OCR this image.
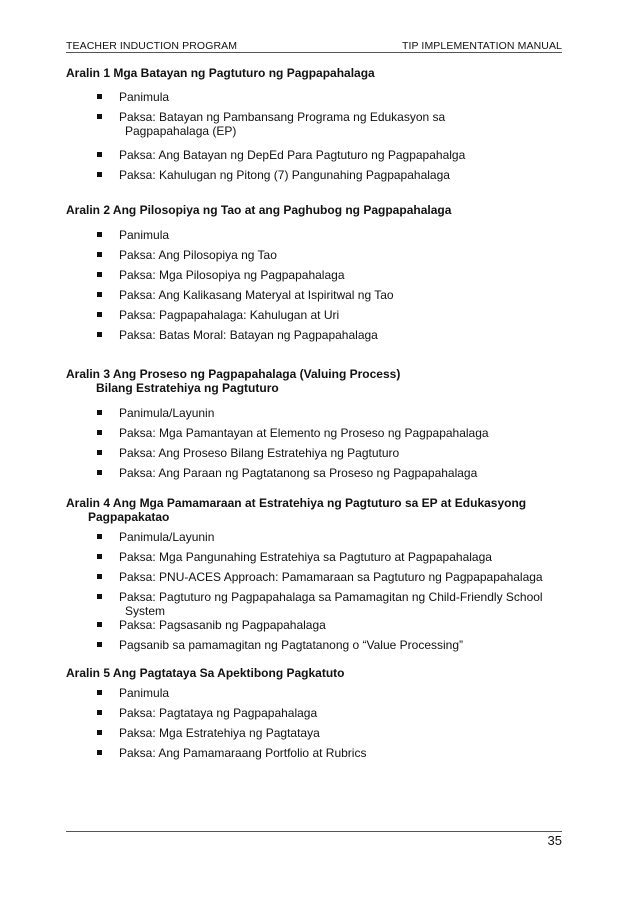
TEACHER INDUCTION PROGRAM	TIP IMPLEMENTATION MANUAL

Aralin 1 Mga Batayan ng Pagtuturo ng Pagpapahalaga

Panimula
Paksa: Batayan ng Pambansang Programa ng Edukasyon sa
Pagpapahalaga (EP)
Paksa: Ang Batayan ng DepEd Para Pagtuturo ng Pagpapahalga
Paksa: Kahulugan ng Pitong (7) Pangunahing Pagpapahalaga

Aralin 2 Ang Pilosopiya ng Tao at ang Paghubog ng Pagpapahalaga

Panimula
Paksa: Ang Pilosopiya ng Tao
Paksa: Mga Pilosopiya ng Pagpapahalaga
Paksa: Ang Kalikasang Materyal at Ispiritwal ng Tao
Paksa: Pagpapahalaga: Kahulugan at Uri
Paksa: Batas Moral: Batayan ng Pagpapahalaga

Aralin 3 Ang Proseso ng Pagpapahalaga (Valuing Process)
Bilang Estratehiya ng Pagtuturo

Panimula/Layunin
Paksa: Mga Pamantayan at Elemento ng Proseso ng Pagpapahalaga
Paksa: Ang Proseso Bilang Estratehiya ng Pagtuturo
Paksa: Ang Paraan ng Pagtatanong sa Proseso ng Pagpapahalaga

Aralin 4 Ang Mga Pamamaraan at Estratehiya ng Pagtuturo sa EP at Edukasyong
Pagpapakatao

Panimula/Layunin
Paksa: Mga Pangunahing Estratehiya sa Pagtuturo at Pagpapahalaga
Paksa: PNU-ACES Approach: Pamamaraan sa Pagtuturo ng Pagpapapahalaga
Paksa: Pagtuturo ng Pagpapahalaga sa Pamamagitan ng Child-Friendly School
System
Paksa: Pagsasanib ng Pagpapahalaga
Pagsanib sa pamamagitan ng Pagtatanong o “Value Processing”

Aralin 5 Ang Pagtataya Sa Apektibong Pagkatuto

Panimula
Paksa: Pagtataya ng Pagpapahalaga
Paksa: Mga Estratehiya ng Pagtataya
Paksa: Ang Pamamaraang Portfolio at Rubrics
35
